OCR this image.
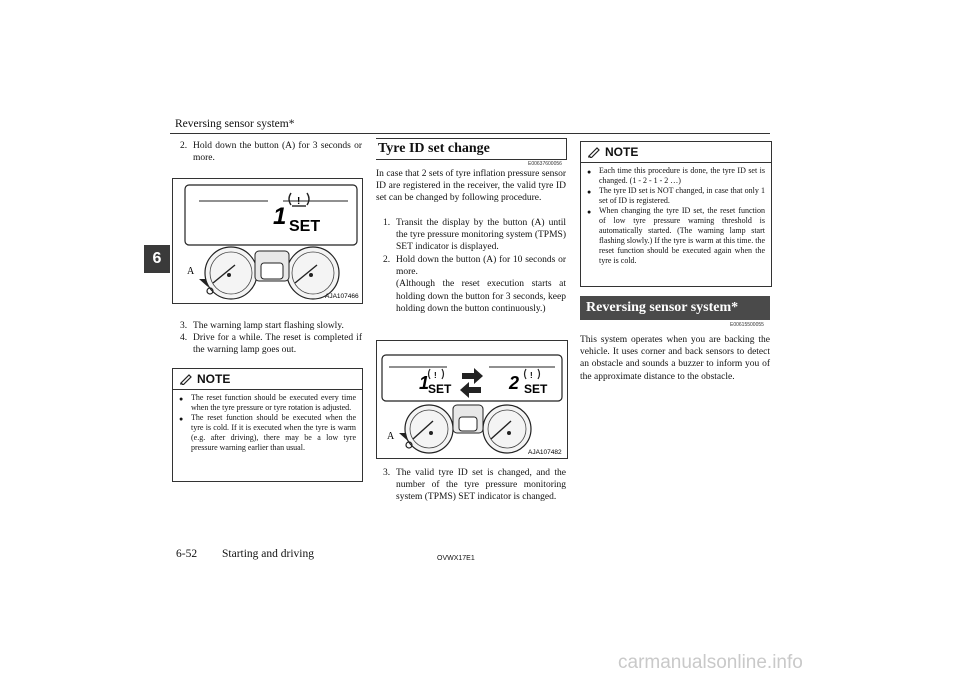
Reversing sensor system*
6
2. Hold down the button (A) for 3 seconds or more.
1
!
SET
A
AJA107466
3. The warning lamp start flashing slowly.
4. Drive for a while. The reset is completed if the warning lamp goes out.
NOTE
● The reset function should be executed every time when the tyre pressure or tyre rotation is adjusted.
● The reset function should be executed when the tyre is cold. If it is executed when the tyre is warm (e.g. after driving), there may be a low tyre pressure warning earlier than usual.
Tyre ID set change
E00637600056
In case that 2 sets of tyre inflation pressure sensor ID are registered in the receiver, the valid tyre ID set can be changed by following procedure.
1. Transit the display by the button (A) until the tyre pressure monitoring system (TPMS) SET indicator is displayed.
2. Hold down the button (A) for 10 seconds or more.
(Although the reset execution starts at holding down the button for 3 seconds, keep holding down the button continuously.)
1 !
SET	2 !
SET
A
AJA107482
3. The valid tyre ID set is changed, and the number of the tyre pressure monitoring system (TPMS) SET indicator is changed.
NOTE
● Each time this procedure is done, the tyre ID set is changed. (1 - 2 - 1 - 2 …)
● The tyre ID set is NOT changed, in case that only 1 set of ID is registered.
● When changing the tyre ID set, the reset function of low tyre pressure warning threshold is automatically started. (The warning lamp start flashing slowly.) If the tyre is warm at this time. the reset function should be executed again when the tyre is cold.
Reversing sensor system*
E00615500055
This system operates when you are backing the vehicle. It uses corner and back sensors to detect an obstacle and sounds a buzzer to inform you of the approximate distance to the obstacle.
6-52 Starting and driving	OVWX17E1
carmanualsonline.info
